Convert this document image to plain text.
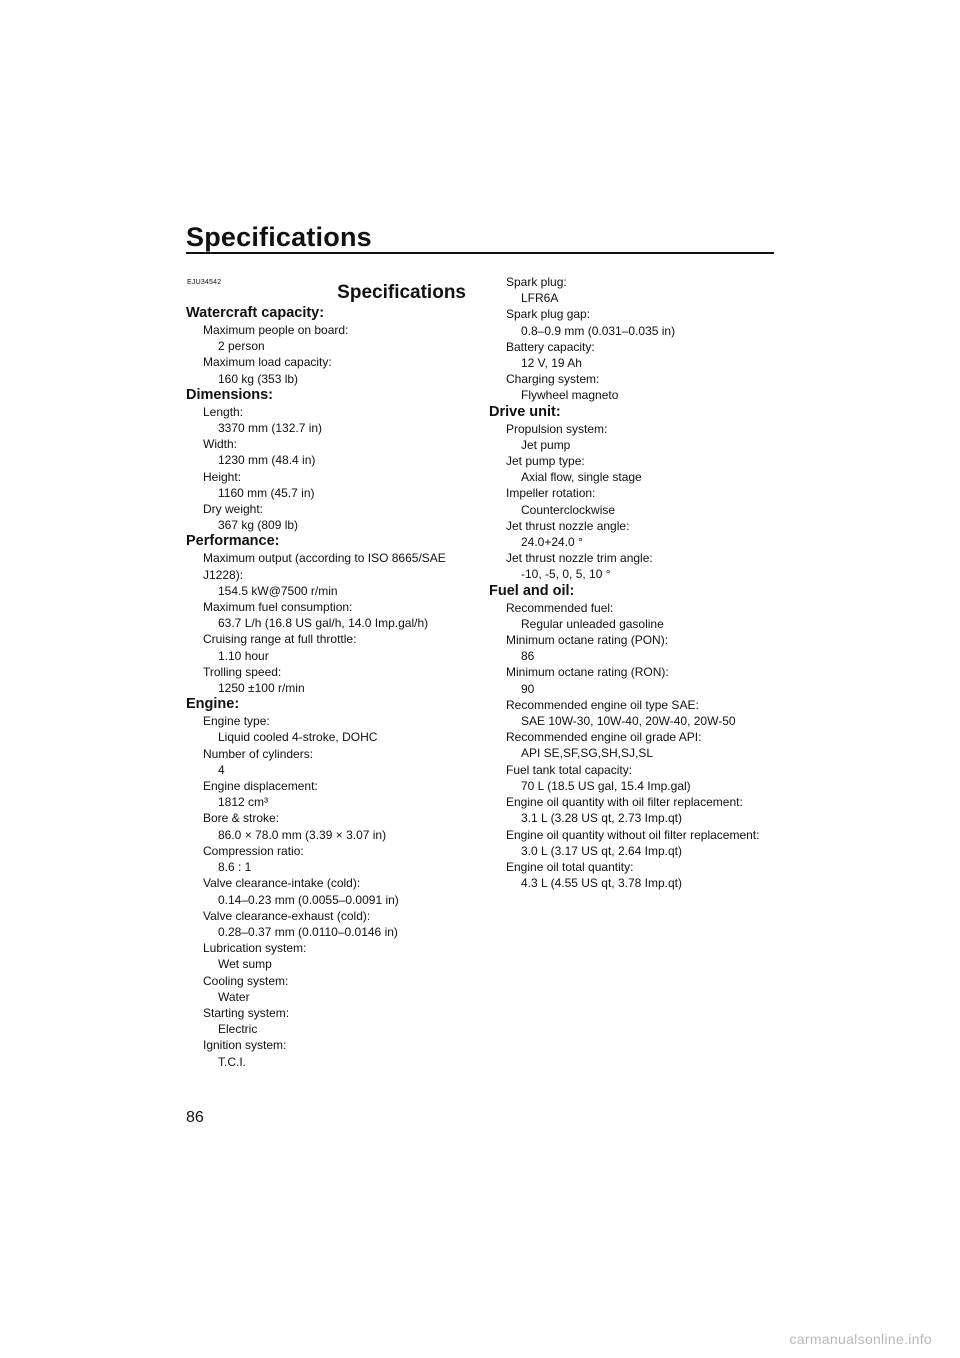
Specifications
EJU34542	Specifications
Watercraft capacity:
Maximum people on board:
2 person
Maximum load capacity:
160 kg (353 lb)
Dimensions:
Length:
3370 mm (132.7 in)
Width:
1230 mm (48.4 in)
Height:
1160 mm (45.7 in)
Dry weight:
367 kg (809 lb)
Performance:
Maximum output (according to ISO 8665/SAE J1228):
154.5 kW@7500 r/min
Maximum fuel consumption:
63.7 L/h (16.8 US gal/h, 14.0 Imp.gal/h)
Cruising range at full throttle:
1.10 hour
Trolling speed:
1250 ±100 r/min
Engine:
Engine type:
Liquid cooled 4-stroke, DOHC
Number of cylinders:
4
Engine displacement:
1812 cm³
Bore & stroke:
86.0 × 78.0 mm (3.39 × 3.07 in)
Compression ratio:
8.6 : 1
Valve clearance-intake (cold):
0.14–0.23 mm (0.0055–0.0091 in)
Valve clearance-exhaust (cold):
0.28–0.37 mm (0.0110–0.0146 in)
Lubrication system:
Wet sump
Cooling system:
Water
Starting system:
Electric
Ignition system:
T.C.I.
Spark plug:
LFR6A
Spark plug gap:
0.8–0.9 mm (0.031–0.035 in)
Battery capacity:
12 V, 19 Ah
Charging system:
Flywheel magneto
Drive unit:
Propulsion system:
Jet pump
Jet pump type:
Axial flow, single stage
Impeller rotation:
Counterclockwise
Jet thrust nozzle angle:
24.0+24.0 °
Jet thrust nozzle trim angle:
-10, -5, 0, 5, 10 °
Fuel and oil:
Recommended fuel:
Regular unleaded gasoline
Minimum octane rating (PON):
86
Minimum octane rating (RON):
90
Recommended engine oil type SAE:
SAE 10W-30, 10W-40, 20W-40, 20W-50
Recommended engine oil grade API:
API SE,SF,SG,SH,SJ,SL
Fuel tank total capacity:
70 L (18.5 US gal, 15.4 Imp.gal)
Engine oil quantity with oil filter replacement:
3.1 L (3.28 US qt, 2.73 Imp.qt)
Engine oil quantity without oil filter replacement:
3.0 L (3.17 US qt, 2.64 Imp.qt)
Engine oil total quantity:
4.3 L (4.55 US qt, 3.78 Imp.qt)
86
carmanualsonline.info
